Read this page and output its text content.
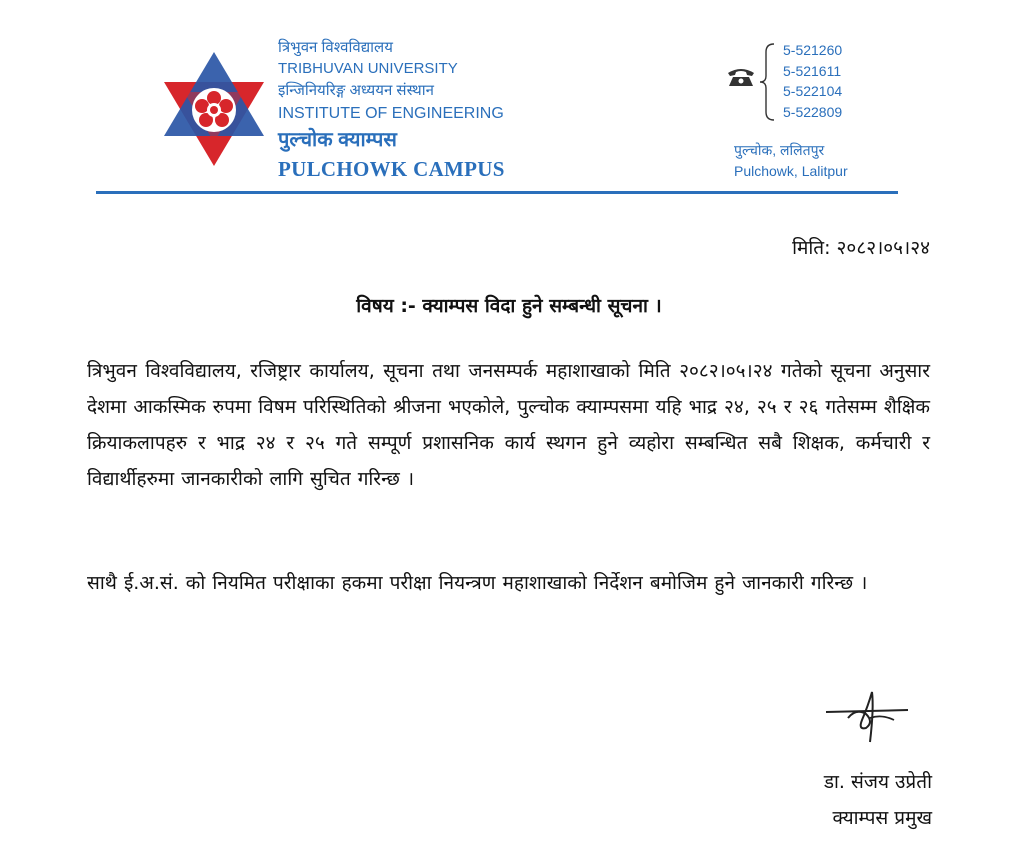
त्रिभुवन विश्वविद्यालय
TRIBHUVAN UNIVERSITY
इन्जिनियरिङ्ग अध्ययन संस्थान
INSTITUTE OF ENGINEERING
पुल्चोक क्याम्पस
PULCHOWK CAMPUS
5-521260
5-521611
5-522104
5-522809
पुल्चोक, ललितपुर
Pulchowk, Lalitpur
मिति: २०८२।०५।२४
विषय :- क्याम्पस विदा हुने सम्बन्धी सूचना ।
त्रिभुवन विश्वविद्यालय, रजिष्ट्रार कार्यालय, सूचना तथा जनसम्पर्क महाशाखाको मिति २०८२।०५।२४ गतेको सूचना अनुसार देशमा आकस्मिक रुपमा विषम परिस्थितिको श्रीजना भएकोले, पुल्चोक क्याम्पसमा यहि भाद्र २४, २५ र २६ गतेसम्म शैक्षिक क्रियाकलापहरु र भाद्र २४ र २५ गते सम्पूर्ण प्रशासनिक कार्य स्थगन हुने व्यहोरा सम्बन्धित सबै शिक्षक, कर्मचारी र विद्यार्थीहरुमा जानकारीको लागि सुचित गरिन्छ ।
साथै ई.अ.सं. को नियमित परीक्षाका हकमा परीक्षा नियन्त्रण महाशाखाको निर्देशन बमोजिम हुने जानकारी गरिन्छ ।
डा. संजय उप्रेती
क्याम्पस प्रमुख
